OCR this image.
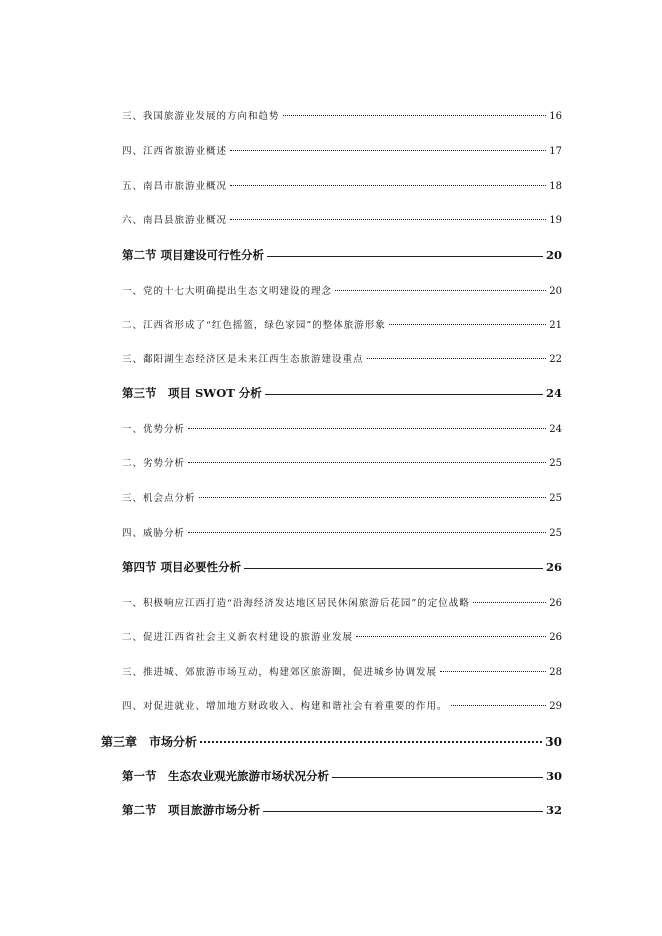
三、我国旅游业发展的方向和趋势	16
四、江西省旅游业概述	17
五、南昌市旅游业概况	18
六、南昌县旅游业概况	19
第二节 项目建设可行性分析	20
一、党的十七大明确提出生态文明建设的理念	20
二、江西省形成了“红色摇篮，绿色家园”的整体旅游形象	21
三、鄱阳湖生态经济区是未来江西生态旅游建设重点	22
第三节　项目 SWOT 分析	24
一、优势分析	24
二、劣势分析	25
三、机会点分析	25
四、威胁分析	25
第四节 项目必要性分析	26
一、积极响应江西打造“沿海经济发达地区居民休闲旅游后花园”的定位战略	26
二、促进江西省社会主义新农村建设的旅游业发展	26
三、推进城、郊旅游市场互动，构建郊区旅游圈，促进城乡协调发展	28
四、对促进就业、增加地方财政收入、构建和谐社会有着重要的作用。	29
第三章　市场分析	30
第一节　生态农业观光旅游市场状况分析	30
第二节　项目旅游市场分析	32
